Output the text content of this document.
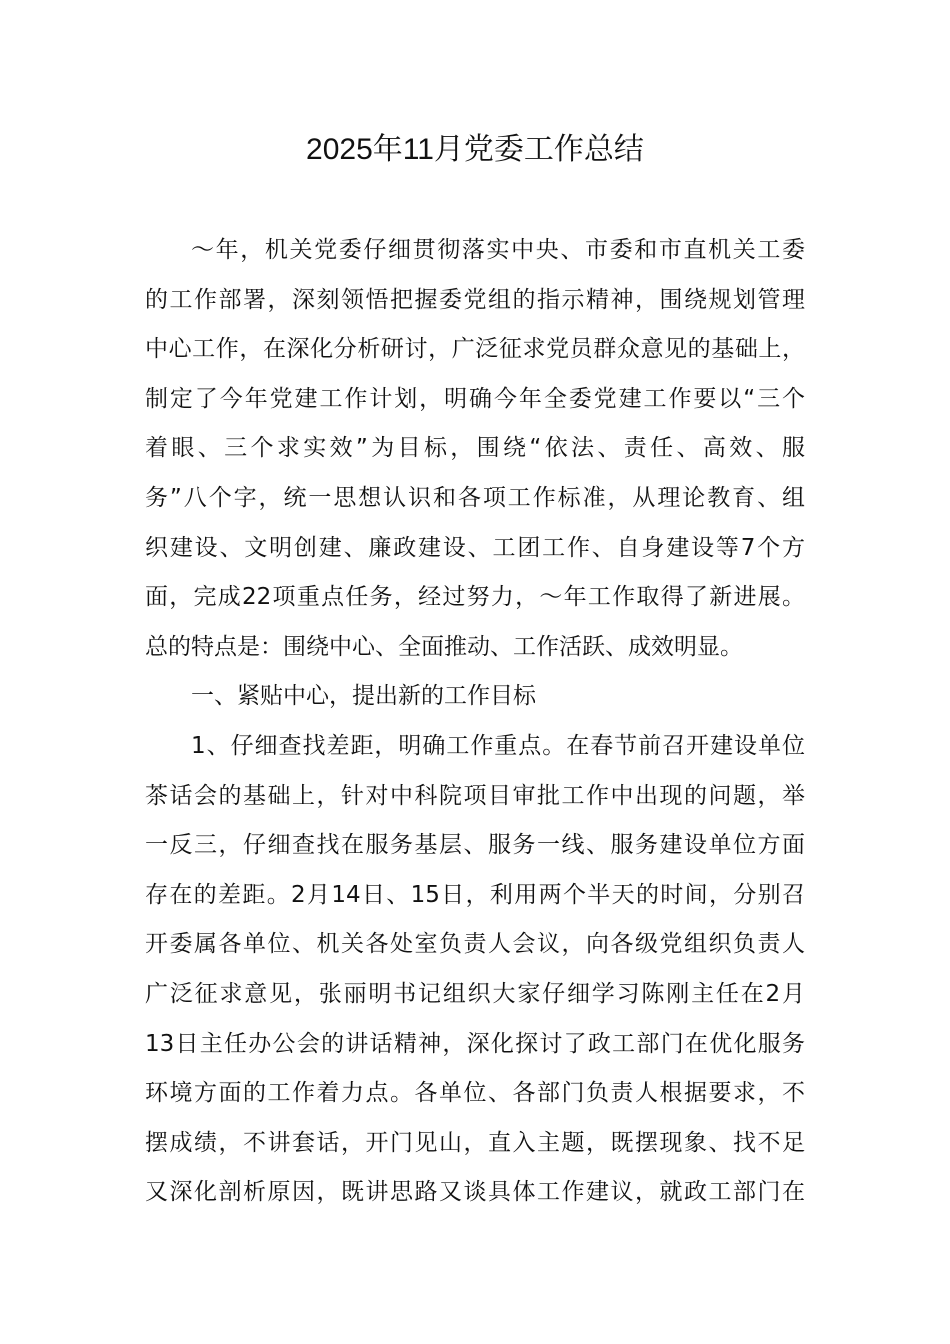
2025年11月党委工作总结
～年，机关党委仔细贯彻落实中央、市委和市直机关工委
的工作部署，深刻领悟把握委党组的指示精神，围绕规划管理
中心工作，在深化分析研讨，广泛征求党员群众意见的基础上，
制定了今年党建工作计划，明确今年全委党建工作要以“三个
着眼、三个求实效”为目标，围绕“依法、责任、高效、服
务”八个字，统一思想认识和各项工作标准，从理论教育、组
织建设、文明创建、廉政建设、工团工作、自身建设等7个方
面，完成22项重点任务，经过努力，～年工作取得了新进展。
总的特点是：围绕中心、全面推动、工作活跃、成效明显。
一、紧贴中心，提出新的工作目标
1、仔细查找差距，明确工作重点。在春节前召开建设单位
茶话会的基础上，针对中科院项目审批工作中出现的问题，举
一反三，仔细查找在服务基层、服务一线、服务建设单位方面
存在的差距。2月14日、15日，利用两个半天的时间，分别召
开委属各单位、机关各处室负责人会议，向各级党组织负责人
广泛征求意见，张丽明书记组织大家仔细学习陈刚主任在2月
13日主任办公会的讲话精神，深化探讨了政工部门在优化服务
环境方面的工作着力点。各单位、各部门负责人根据要求，不
摆成绩，不讲套话，开门见山，直入主题，既摆现象、找不足
又深化剖析原因，既讲思路又谈具体工作建议，就政工部门在
